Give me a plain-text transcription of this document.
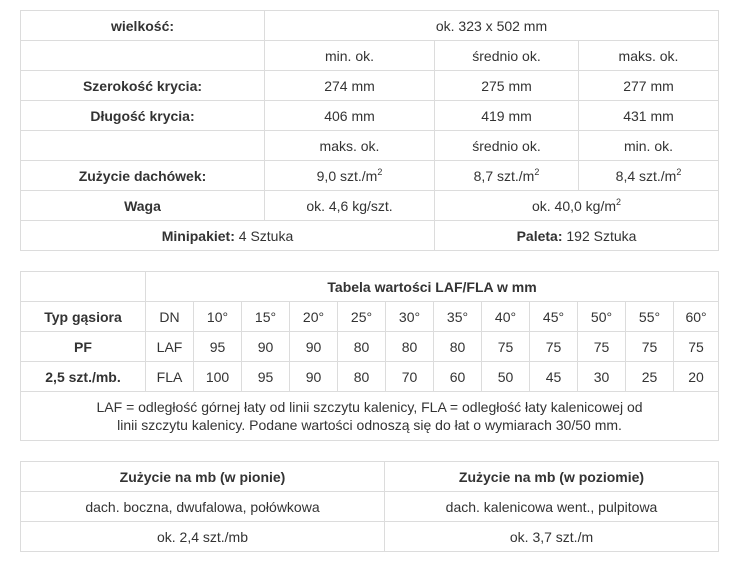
wielkość:	ok. 323 x 502 mm		
	min. ok.	średnio ok.	maks. ok.
Szerokość krycia:	274 mm	275 mm	277 mm
Długość krycia:	406 mm	419 mm	431 mm
	maks. ok.	średnio ok.	min. ok.
Zużycie dachówek:	9,0 $szt./m^2$	8,7 $szt./m^2$	8,4 $szt./m^2$
Waga	ok. 4,6 kg/szt.	ok. 40,0 $kg/m^2$
Minipakiet: 4 Sztuka		Paleta: 192 Sztuka	
	Tabela wartości LAF/FLA w mm											
Typ gąsiora	DN	10°	15°	20°	25°	30°	35°	40°	45°	50°	55°	60°
PF	LAF	95	90	90	80	80	80	75	75	75	75	75
2,5 szt./mb.	FLA	100	95	90	80	70	60	50	45	30	25	20
LAF = odległość górnej łaty od linii szczytu kalenicy, FLA = odległość łaty kalenicowej od
linii szczytu kalenicy. Podane wartości odnoszą się do łat o wymiarach 30/50 mm.												
Zużycie na mb (w pionie)	Zużycie na mb (w poziomie)
dach. boczna, dwufalowa, połówkowa	dach. kalenicowa went., pulpitowa
ok. 2,4 szt./mb	ok. 3,7 szt./m
